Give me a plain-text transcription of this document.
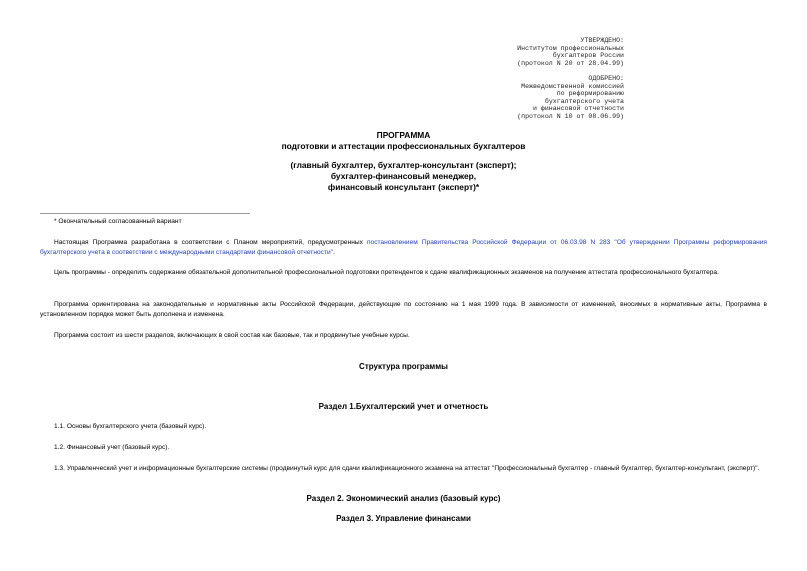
УТВЕРЖДЕНО:
Институтом профессиональных
бухгалтеров России
(протокол N 20 от 28.04.99)
ОДОБРЕНО:
Межведомственной комиссией
по реформированию
бухгалтерского учета
и финансовой отчетности
(протокол N 10 от 08.06.99)
ПРОГРАММА
подготовки и аттестации профессиональных бухгалтеров
(главный бухгалтер, бухгалтер-консультант (эксперт);
бухгалтер-финансовый менеджер,
финансовый консультант (эксперт)*
* Окончательный согласованный вариант
Настоящая Программа разработана в соответствии с Планом мероприятий, предусмотренных постановлением Правительства Российской Федерации от 06.03.98 N 283 "Об утверждении Программы реформирования бухгалтерского учета в соответствии с международными стандартами финансовой отчетности".
Цель программы - определить содержание обязательной дополнительной профессиональной подготовки претендентов к сдаче квалификационных экзаменов на получение аттестата профессионального бухгалтера.
Программа ориентирована на законодательные и нормативные акты Российской Федерации, действующие по состоянию на 1 мая 1999 года. В зависимости от изменений, вносимых в нормативные акты, Программа в установленном порядке может быть дополнена и изменена.
Программа состоит из шести разделов, включающих в свой состав как базовые, так и продвинутые учебные курсы.
Структура программы
Раздел 1.Бухгалтерский учет и отчетность
1.1. Основы бухгалтерского учета (базовый курс).
1.2. Финансовый учет (базовый курс).
1.3. Управленческий учет и информационные бухгалтерские системы (продвинутый курс для сдачи квалификационного экзамена на аттестат "Профессиональный бухгалтер - главный бухгалтер, бухгалтер-консультант, (эксперт)".
Раздел 2. Экономический анализ (базовый курс)
Раздел 3. Управление финансами
